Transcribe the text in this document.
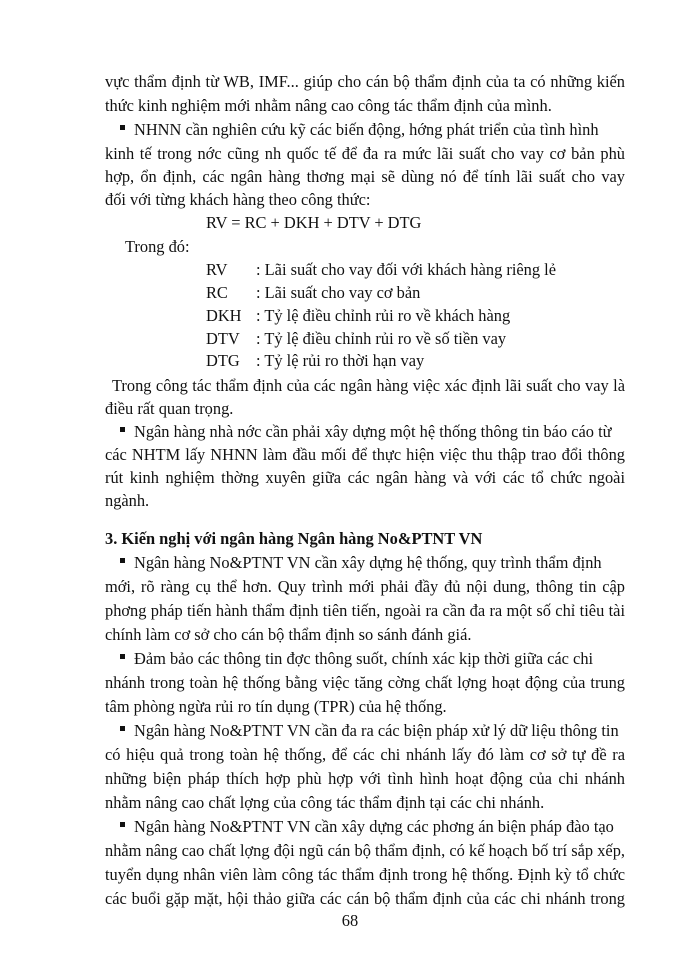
vực thẩm định từ WB, IMF... giúp cho cán bộ thẩm định của ta có những kiến
thức kinh nghiệm mới nhằm nâng cao công tác thẩm định của mình.
NHNN cần nghiên cứu kỹ các biến động, hớng phát triển của tình hình
kinh tế trong nớc cũng nh quốc tế để đa ra mức lãi suất cho vay cơ bản phù
hợp, ổn định, các ngân hàng thơng mại sẽ dùng nó để tính lãi suất cho vay
đối với từng khách hàng theo công thức:
RV = RC + DKH + DTV + DTG
Trong đó:
RV : Lãi suất cho vay đối với khách hàng riêng lẻ
RC : Lãi suất cho vay cơ bản
DKH : Tỷ lệ điều chỉnh rủi ro về khách hàng
DTV : Tỷ lệ điều chỉnh rủi ro về số tiền vay
DTG : Tỷ lệ rủi ro thời hạn vay
Trong công tác thẩm định của các ngân hàng việc xác định lãi suất cho vay là
điều rất quan trọng.
Ngân hàng nhà nớc cần phải xây dựng một hệ thống thông tin báo cáo từ
các NHTM lấy NHNN làm đầu mối để thực hiện việc thu thập trao đổi thông
rút kinh nghiệm thờng xuyên giữa các ngân hàng và với các tổ chức ngoài
ngành.
3. Kiến nghị với ngân hàng Ngân hàng No&PTNT VN
Ngân hàng No&PTNT VN cần xây dựng hệ thống, quy trình thẩm định
mới, rõ ràng cụ thể hơn. Quy trình mới phải đầy đủ nội dung, thông tin cập
phơng pháp tiến hành thẩm định tiên tiến, ngoài ra cần đa ra một số chỉ tiêu tài
chính làm cơ sở cho cán bộ thẩm định so sánh đánh giá.
Đảm bảo các thông tin đợc thông suốt, chính xác kịp thời giữa các chi
nhánh trong toàn hệ thống bằng việc tăng cờng chất lợng hoạt động của trung
tâm phòng ngừa rủi ro tín dụng (TPR) của hệ thống.
Ngân hàng No&PTNT VN cần đa ra các biện pháp xử lý dữ liệu thông tin
có hiệu quả trong toàn hệ thống, để các chi nhánh lấy đó làm cơ sở tự đề ra
những biện pháp thích hợp phù hợp với tình hình hoạt động của chi nhánh
nhằm nâng cao chất lợng của công tác thẩm định tại các chi nhánh.
Ngân hàng No&PTNT VN cần xây dựng các phơng án biện pháp đào tạo
nhằm nâng cao chất lợng đội ngũ cán bộ thẩm định, có kế hoạch bố trí sắp xếp,
tuyển dụng nhân viên làm công tác thẩm định trong hệ thống. Định kỳ tổ chức
các buổi gặp mặt, hội thảo giữa các cán bộ thẩm định của các chi nhánh trong
68
